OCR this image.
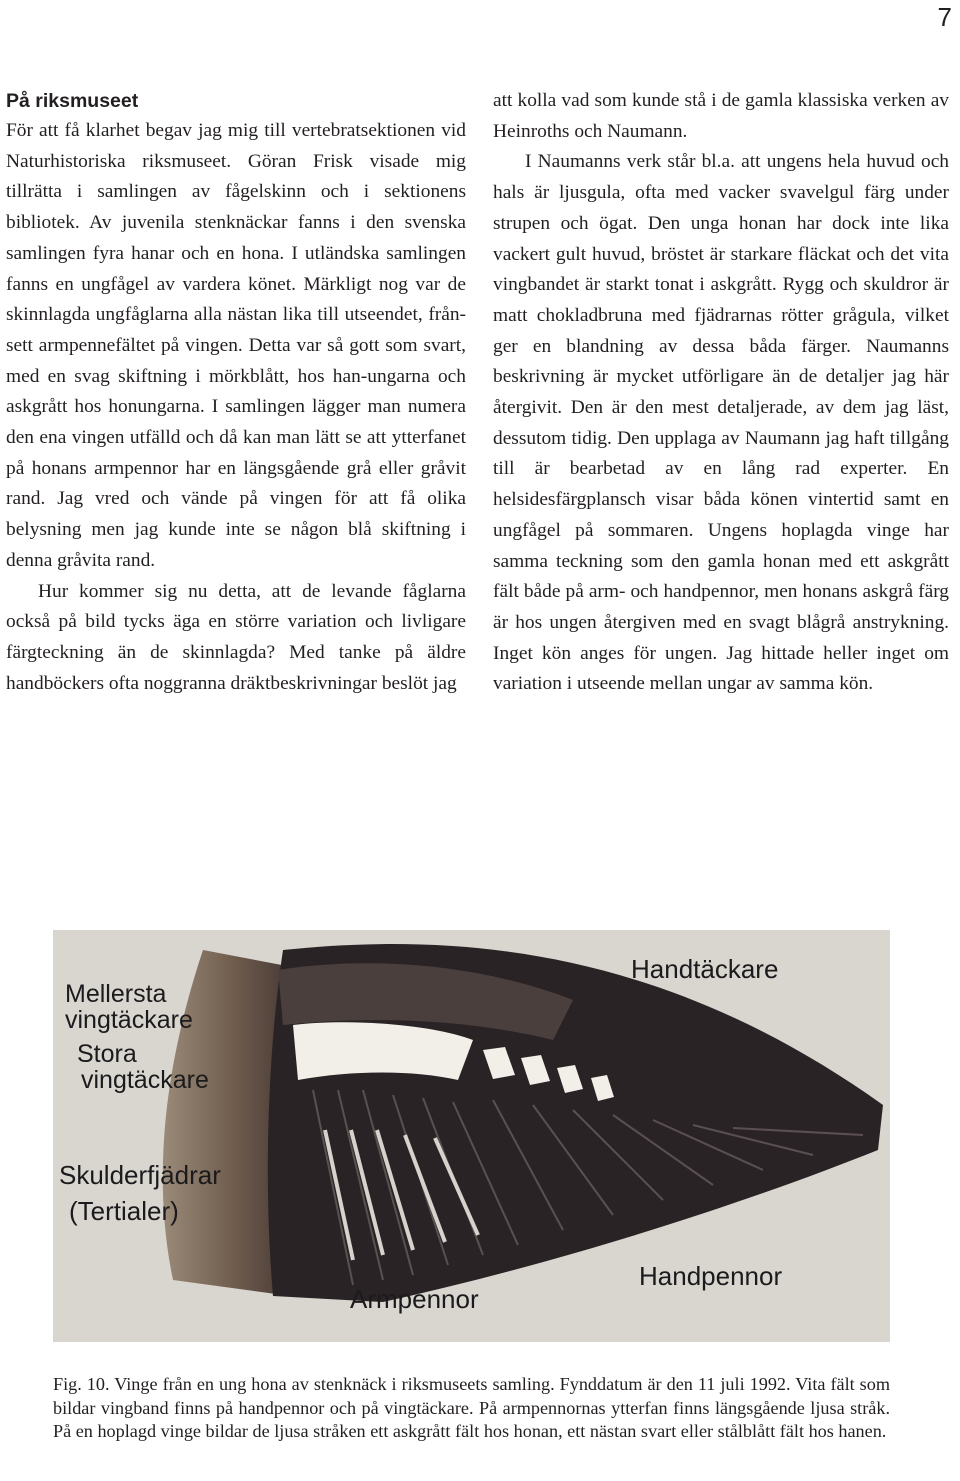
7
På riksmuseet

För att få klarhet begav jag mig till vertebratsektionen vid Naturhistoriska riksmuseet. Göran Frisk visade mig tillrätta i samlingen av fågelskinn och i sektionens bibliotek. Av juvenila stenknäckar fanns i den svenska samlingen fyra hanar och en hona. I utländska samlingen fanns en ungfågel av vardera könet. Märkligt nog var de skinnlagda ungfåglarna alla nästan lika till utseendet, frånsett armpennefältet på vingen. Detta var så gott som svart, med en svag skiftning i mörkblått, hos han-ungarna och askgrått hos honungarna. I samlingen lägger man numera den ena vingen utfälld och då kan man lätt se att ytterfanet på honans armpennor har en längsgående grå eller gråvit rand. Jag vred och vände på vingen för att få olika belysning men jag kunde inte se någon blå skiftning i denna gråvita rand.

Hur kommer sig nu detta, att de levande fåglarna också på bild tycks äga en större variation och livligare färgteckning än de skinnlagda? Med tanke på äldre handböckers ofta noggranna dräktbeskrivningar beslöt jag

att kolla vad som kunde stå i de gamla klassiska verken av Heinroths och Naumann.

I Naumanns verk står bl.a. att ungens hela huvud och hals är ljusgula, ofta med vacker svavelgul färg under strupen och ögat. Den unga honan har dock inte lika vackert gult huvud, bröstet är starkare fläckat och det vita vingbandet är starkt tonat i askgrått. Rygg och skuldror är matt chokladbruna med fjädrarnas rötter grågula, vilket ger en blandning av dessa båda färger. Naumanns beskrivning är mycket utförligare än de detaljer jag här återgivit. Den är den mest detaljerade, av dem jag läst, dessutom tidig. Den upplaga av Naumann jag haft tillgång till är bearbetad av en lång rad experter. En helsidesfärgplansch visar båda könen vintertid samt en ungfågel på sommaren. Ungens hoplagda vinge har samma teckning som den gamla honan med ett askgrått fält både på arm- och handpennor, men honans askgrå färg är hos ungen återgiven med en svagt blågrå anstrykning. Inget kön anges för ungen. Jag hittade heller inget om variation i utseende mellan ungar av samma kön.

Mellersta
vingtäckare
Stora
vingtäckare
Skulderfjädrar
(Tertialer)
Handtäckare
Handpennor
Armpennor
Fig. 10. Vinge från en ung hona av stenknäck i riksmuseets samling. Fynddatum är den 11 juli 1992. Vita fält som bildar vingband finns på handpennor och på vingtäckare. På armpennornas ytterfan finns längsgående ljusa stråk. På en hoplagd vinge bildar de ljusa stråken ett askgrått fält hos honan, ett nästan svart eller stålblått fält hos hanen.
